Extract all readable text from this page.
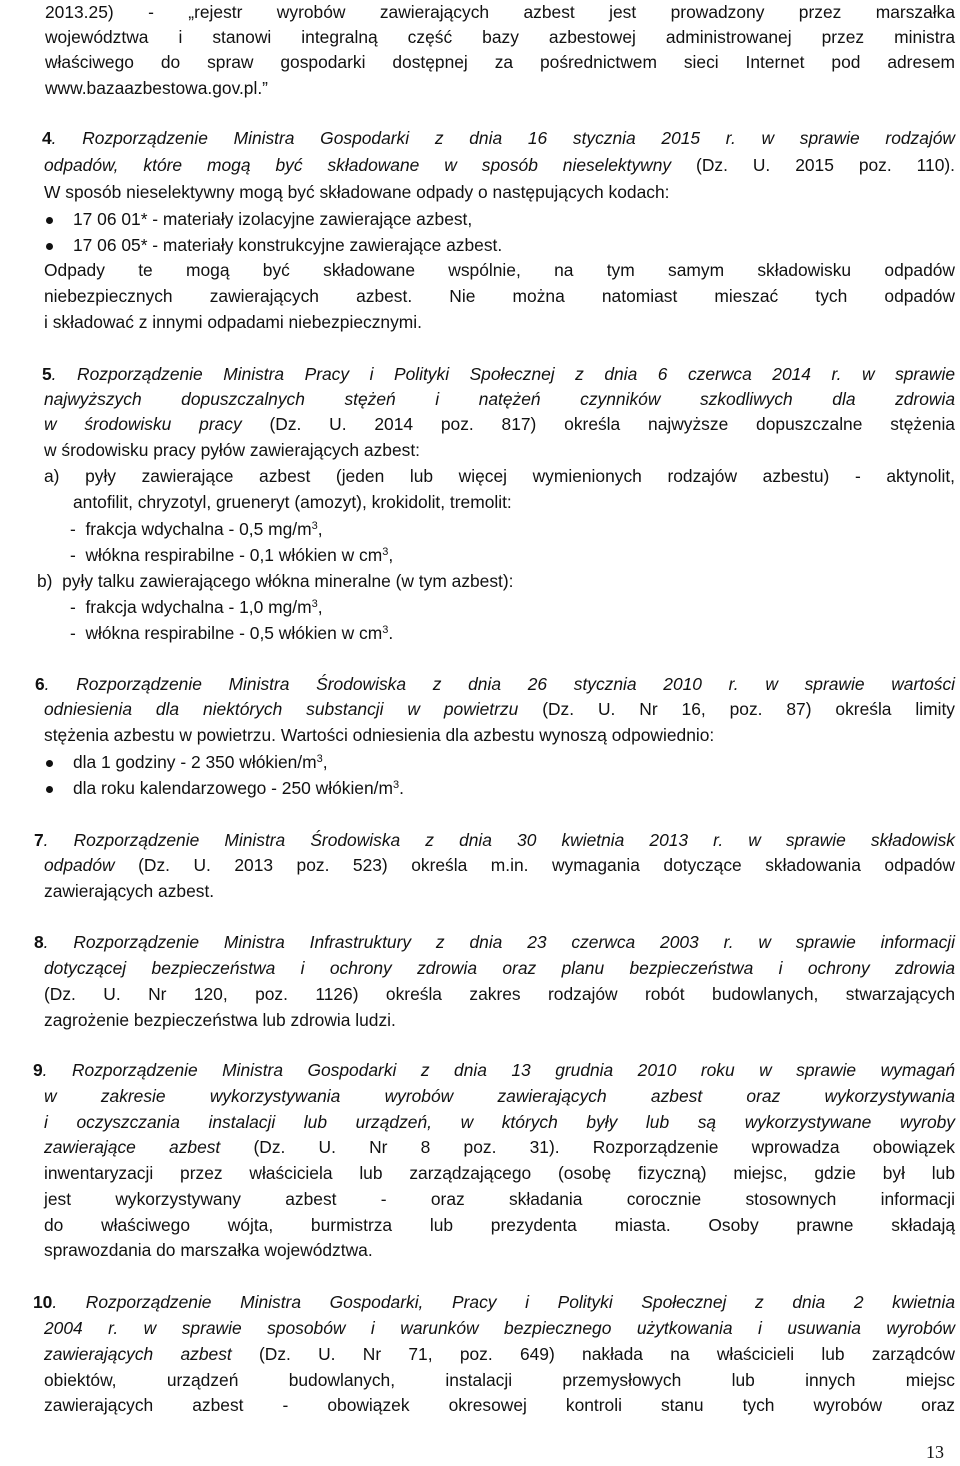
2013.25) - „rejestr wyrobów zawierających azbest jest prowadzony przez marszałka
województwa i stanowi integralną część bazy azbestowej administrowanej przez ministra
właściwego do spraw gospodarki dostępnej za pośrednictwem sieci Internet pod adresem
www.bazaazbestowa.gov.pl.”
4. Rozporządzenie Ministra Gospodarki z dnia 16 stycznia 2015 r. w sprawie rodzajów
odpadów, które mogą być składowane w sposób nieselektywny (Dz. U. 2015 poz. 110).
W sposób nieselektywny mogą być składowane odpady o następujących kodach:
17 06 01* - materiały izolacyjne zawierające azbest,
17 06 05* - materiały konstrukcyjne zawierające azbest.
Odpady te mogą być składowane wspólnie, na tym samym składowisku odpadów
niebezpiecznych zawierających azbest. Nie można natomiast mieszać tych odpadów
i składować z innymi odpadami niebezpiecznymi.
5. Rozporządzenie Ministra Pracy i Polityki Społecznej z dnia 6 czerwca 2014 r. w sprawie
najwyższych dopuszczalnych stężeń i natężeń czynników szkodliwych dla zdrowia
w środowisku pracy (Dz. U. 2014 poz. 817) określa najwyższe dopuszczalne stężenia
w środowisku pracy pyłów zawierających azbest:
a) pyły zawierające azbest (jeden lub więcej wymienionych rodzajów azbestu) - aktynolit,
antofilit, chryzotyl, grueneryt (amozyt), krokidolit, tremolit:
-  frakcja wdychalna - 0,5 $mg/m^3$,
-  włókna respirabilne - 0,1 włókien w $cm^3$,
b)  pyły talku zawierającego włókna mineralne (w tym azbest):
-  frakcja wdychalna - 1,0 $mg/m^3$,
-  włókna respirabilne - 0,5 włókien w $cm^3$.
6. Rozporządzenie Ministra Środowiska z dnia 26 stycznia 2010 r. w sprawie wartości
odniesienia dla niektórych substancji w powietrzu (Dz. U. Nr 16, poz. 87) określa limity
stężenia azbestu w powietrzu. Wartości odniesienia dla azbestu wynoszą odpowiednio:
dla 1 godziny - 2 350 włókien/$m^3$,
dla roku kalendarzowego - 250 włókien/$m^3$.
7. Rozporządzenie Ministra Środowiska z dnia 30 kwietnia 2013 r. w sprawie składowisk
odpadów (Dz. U. 2013 poz. 523) określa m.in. wymagania dotyczące składowania odpadów
zawierających azbest.
8. Rozporządzenie Ministra Infrastruktury z dnia 23 czerwca 2003 r. w sprawie informacji
dotyczącej bezpieczeństwa i ochrony zdrowia oraz planu bezpieczeństwa i ochrony zdrowia
(Dz. U. Nr 120, poz. 1126) określa zakres rodzajów robót budowlanych, stwarzających
zagrożenie bezpieczeństwa lub zdrowia ludzi.
9. Rozporządzenie Ministra Gospodarki z dnia 13 grudnia 2010 roku w sprawie wymagań
w zakresie wykorzystywania wyrobów zawierających azbest oraz wykorzystywania
i oczyszczania instalacji lub urządzeń, w których były lub są wykorzystywane wyroby
zawierające azbest (Dz. U. Nr 8 poz. 31). Rozporządzenie wprowadza obowiązek
inwentaryzacji przez właściciela lub zarządzającego (osobę fizyczną) miejsc, gdzie był lub
jest wykorzystywany azbest - oraz składania corocznie stosownych informacji
do właściwego wójta, burmistrza lub prezydenta miasta. Osoby prawne składają
sprawozdania do marszałka województwa.
10. Rozporządzenie Ministra Gospodarki, Pracy i Polityki Społecznej z dnia 2 kwietnia
2004 r. w sprawie sposobów i warunków bezpiecznego użytkowania i usuwania wyrobów
zawierających azbest (Dz. U. Nr 71, poz. 649) nakłada na właścicieli lub zarządców
obiektów, urządzeń budowlanych, instalacji przemysłowych lub innych miejsc
zawierających azbest - obowiązek okresowej kontroli stanu tych wyrobów oraz
13
